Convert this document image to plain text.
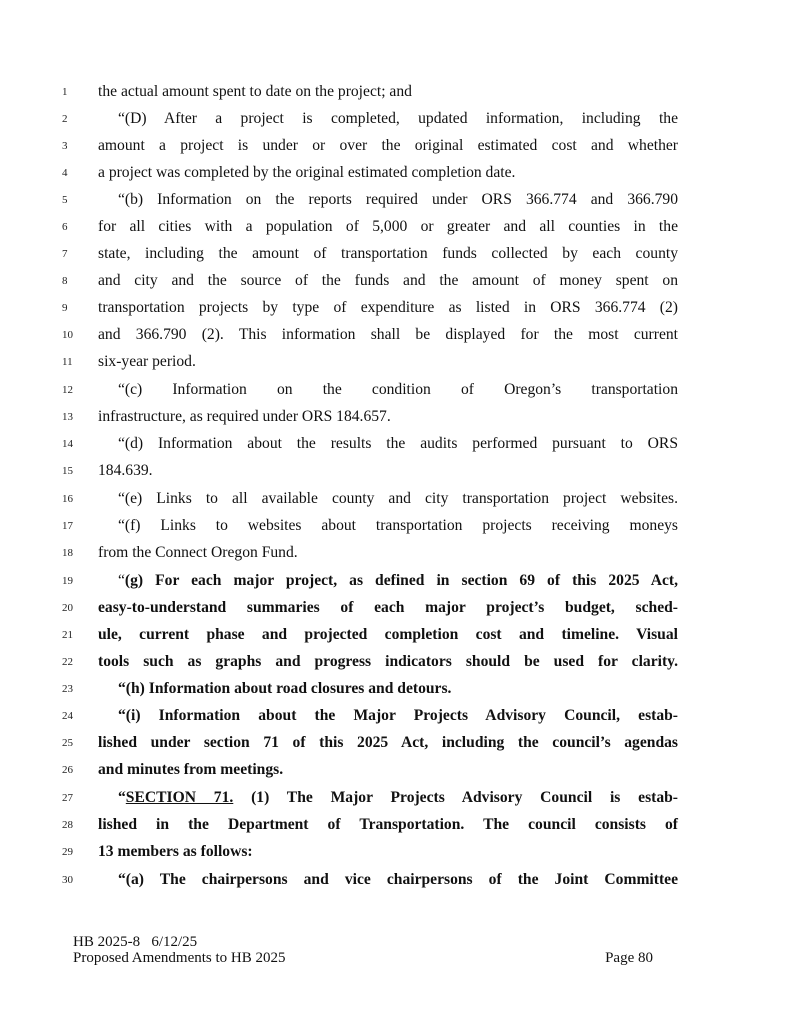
1	the actual amount spent to date on the project; and
2	“(D) After a project is completed, updated information, including the
3	amount a project is under or over the original estimated cost and whether
4	a project was completed by the original estimated completion date.
5	“(b) Information on the reports required under ORS 366.774 and 366.790
6	for all cities with a population of 5,000 or greater and all counties in the
7	state, including the amount of transportation funds collected by each county
8	and city and the source of the funds and the amount of money spent on
9	transportation projects by type of expenditure as listed in ORS 366.774 (2)
10	and 366.790 (2). This information shall be displayed for the most current
11	six-year period.
12	“(c) Information on the condition of Oregon’s transportation
13	infrastructure, as required under ORS 184.657.
14	“(d) Information about the results the audits performed pursuant to ORS
15	184.639.
16	“(e) Links to all available county and city transportation project websites.
17	“(f) Links to websites about transportation projects receiving moneys
18	from the Connect Oregon Fund.
19	“(g) For each major project, as defined in section 69 of this 2025 Act,
20	easy-to-understand summaries of each major project’s budget, sched-
21	ule, current phase and projected completion cost and timeline. Visual
22	tools such as graphs and progress indicators should be used for clarity.
23	“(h) Information about road closures and detours.
24	“(i) Information about the Major Projects Advisory Council, estab-
25	lished under section 71 of this 2025 Act, including the council’s agendas
26	and minutes from meetings.
27	“SECTION 71. (1) The Major Projects Advisory Council is estab-
28	lished in the Department of Transportation. The council consists of
29	13 members as follows:
30	“(a) The chairpersons and vice chairpersons of the Joint Committee
HB 2025-8   6/12/25
Proposed Amendments to HB 2025	Page 80
